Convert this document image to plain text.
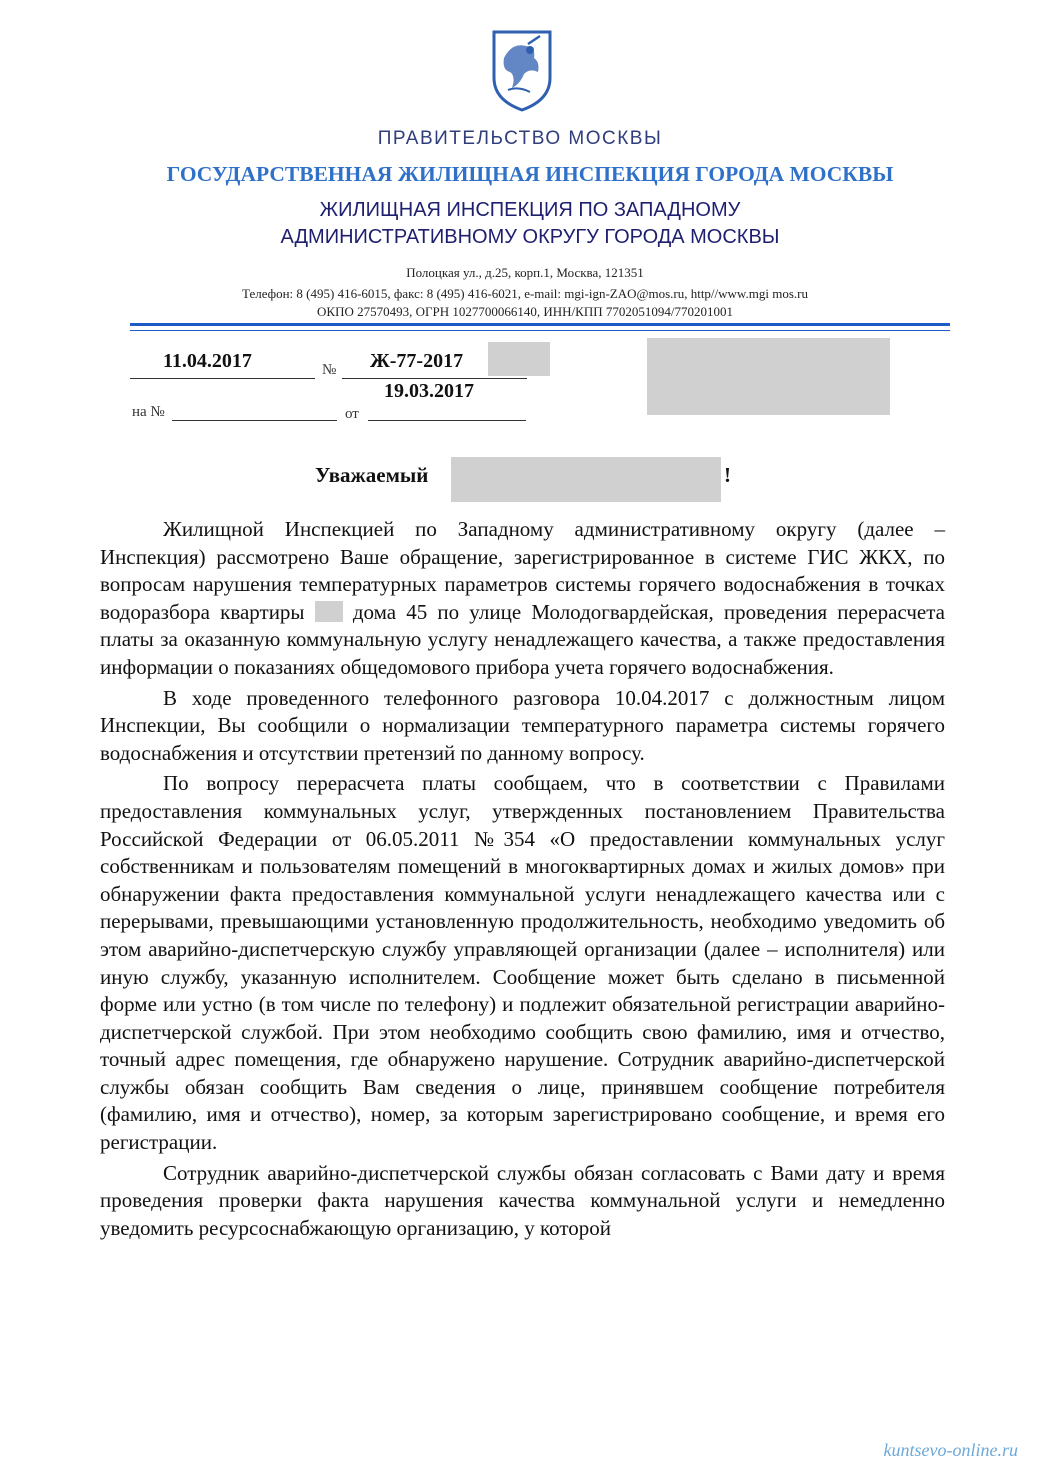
ПРАВИТЕЛЬСТВО МОСКВЫ
ГОСУДАРСТВЕННАЯ ЖИЛИЩНАЯ ИНСПЕКЦИЯ ГОРОДА МОСКВЫ
ЖИЛИЩНАЯ ИНСПЕКЦИЯ ПО ЗАПАДНОМУ
АДМИНИСТРАТИВНОМУ ОКРУГУ ГОРОДА МОСКВЫ
Полоцкая ул., д.25, корп.1, Москва, 121351
Телефон: 8 (495) 416-6015, факс: 8 (495) 416-6021, e-mail: mgi-ign-ZAO@mos.ru, http//www.mgi mos.ru
ОКПО 27570493, ОГРН 1027700066140, ИНН/КПП 7702051094/770201001
11.04.2017	№ Ж-77-2017
19.03.2017
на №	от
Уважаемый	!

Жилищной Инспекцией по Западному административному округу (далее – Инспекция) рассмотрено Ваше обращение, зарегистрированное в системе ГИС ЖКХ, по вопросам нарушения температурных параметров системы горячего водоснабжения в точках водоразбора квартиры дома 45 по улице Молодогвардейская, проведения перерасчета платы за оказанную коммунальную услугу ненадлежащего качества, а также предоставления информации о показаниях общедомового прибора учета горячего водоснабжения.

В ходе проведенного телефонного разговора 10.04.2017 с должностным лицом Инспекции, Вы сообщили о нормализации температурного параметра системы горячего водоснабжения и отсутствии претензий по данному вопросу.

По вопросу перерасчета платы сообщаем, что в соответствии с Правилами предоставления коммунальных услуг, утвержденных постановлением Правительства Российской Федерации от 06.05.2011 №354 «О предоставлении коммунальных услуг собственникам и пользователям помещений в многоквартирных домах и жилых домов» при обнаружении факта предоставления коммунальной услуги ненадлежащего качества или с перерывами, превышающими установленную продолжительность, необходимо уведомить об этом аварийно-диспетчерскую службу управляющей организации (далее – исполнителя) или иную службу, указанную исполнителем. Сообщение может быть сделано в письменной форме или устно (в том числе по телефону) и подлежит обязательной регистрации аварийно-диспетчерской службой. При этом необходимо сообщить свою фамилию, имя и отчество, точный адрес помещения, где обнаружено нарушение. Сотрудник аварийно-диспетчерской службы обязан сообщить Вам сведения о лице, принявшем сообщение потребителя (фамилию, имя и отчество), номер, за которым зарегистрировано сообщение, и время его регистрации.

Сотрудник аварийно-диспетчерской службы обязан согласовать с Вами дату и время проведения проверки факта нарушения качества коммунальной услуги и немедленно уведомить ресурсоснабжающую организацию, у которой

kuntsevo-online.ru
